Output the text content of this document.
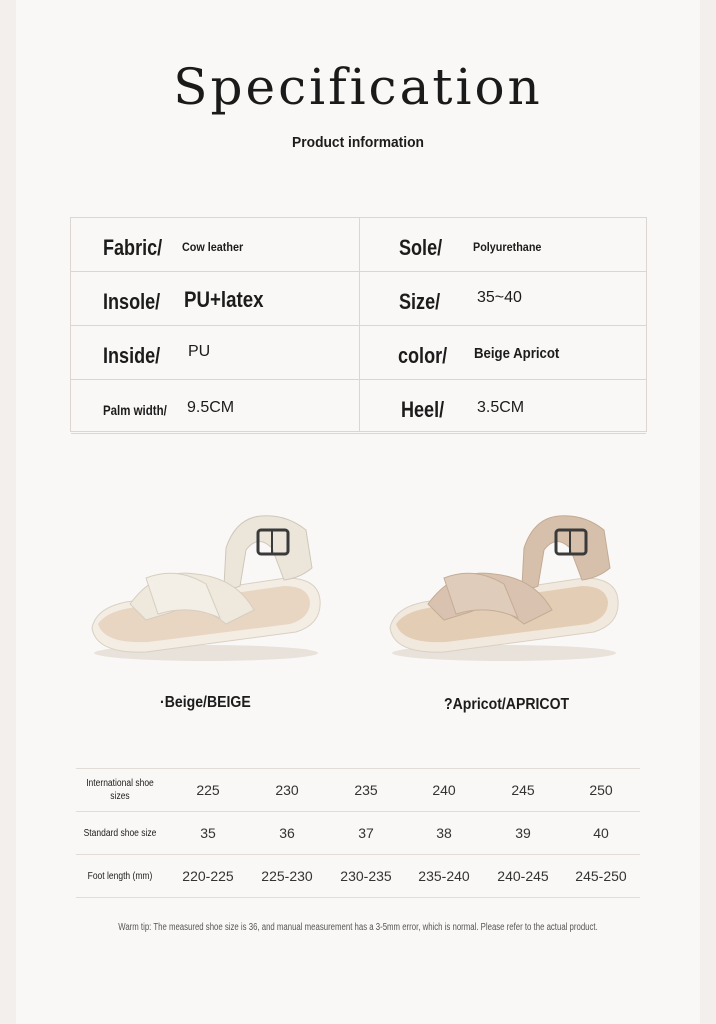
Specification
Product information
Fabric/ Cow leather	Sole/	Polyurethane
Insole/ PU+latex	Size/ 35~40
Inside/ PU	color/ Beige Apricot
Palm width/ 9.5CM	Heel/ 3.5CM
·Beige/BEIGE	?Apricot/APRICOT
International shoe sizes	225	230	235	240	245	250
Standard shoe size	35	36	37	38	39	40
Foot length (mm)	220-225	225-230	230-235	235-240	240-245	245-250
Warm tip: The measured shoe size is 36, and manual measurement has a 3-5mm error, which is normal. Please refer to the actual product.
